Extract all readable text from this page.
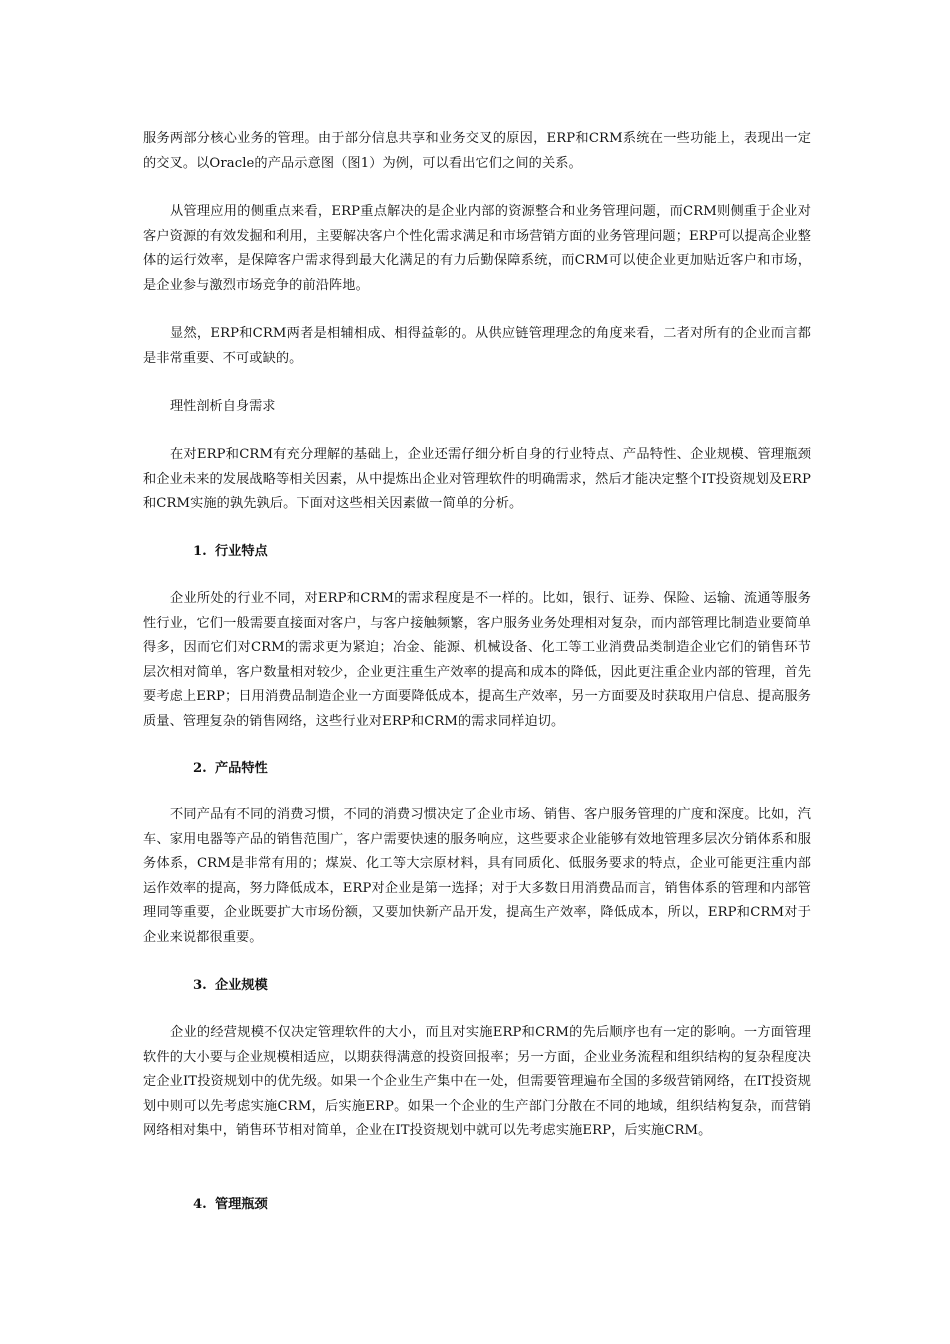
服务两部分核心业务的管理。由于部分信息共享和业务交叉的原因，ERP和CRM系统在一些功能上，表现出一定的交叉。以Oracle的产品示意图（图1）为例，可以看出它们之间的关系。

从管理应用的侧重点来看，ERP重点解决的是企业内部的资源整合和业务管理问题，而CRM则侧重于企业对客户资源的有效发掘和利用，主要解决客户个性化需求满足和市场营销方面的业务管理问题；ERP可以提高企业整体的运行效率，是保障客户需求得到最大化满足的有力后勤保障系统，而CRM可以使企业更加贴近客户和市场，是企业参与激烈市场竞争的前沿阵地。

显然，ERP和CRM两者是相辅相成、相得益彰的。从供应链管理理念的角度来看，二者对所有的企业而言都是非常重要、不可或缺的。

理性剖析自身需求

在对ERP和CRM有充分理解的基础上，企业还需仔细分析自身的行业特点、产品特性、企业规模、管理瓶颈和企业未来的发展战略等相关因素，从中提炼出企业对管理软件的明确需求，然后才能决定整个IT投资规划及ERP和CRM实施的孰先孰后。下面对这些相关因素做一简单的分析。

1. 行业特点

企业所处的行业不同，对ERP和CRM的需求程度是不一样的。比如，银行、证券、保险、运输、流通等服务性行业，它们一般需要直接面对客户，与客户接触频繁，客户服务业务处理相对复杂，而内部管理比制造业要简单得多，因而它们对CRM的需求更为紧迫；冶金、能源、机械设备、化工等工业消费品类制造企业它们的销售环节层次相对简单，客户数量相对较少，企业更注重生产效率的提高和成本的降低，因此更注重企业内部的管理，首先要考虑上ERP；日用消费品制造企业一方面要降低成本，提高生产效率，另一方面要及时获取用户信息、提高服务质量、管理复杂的销售网络，这些行业对ERP和CRM的需求同样迫切。

2. 产品特性

不同产品有不同的消费习惯，不同的消费习惯决定了企业市场、销售、客户服务管理的广度和深度。比如，汽车、家用电器等产品的销售范围广，客户需要快速的服务响应，这些要求企业能够有效地管理多层次分销体系和服务体系，CRM是非常有用的；煤炭、化工等大宗原材料，具有同质化、低服务要求的特点，企业可能更注重内部运作效率的提高，努力降低成本，ERP对企业是第一选择；对于大多数日用消费品而言，销售体系的管理和内部管理同等重要，企业既要扩大市场份额，又要加快新产品开发，提高生产效率，降低成本，所以，ERP和CRM对于企业来说都很重要。

3. 企业规模

企业的经营规模不仅决定管理软件的大小，而且对实施ERP和CRM的先后顺序也有一定的影响。一方面管理软件的大小要与企业规模相适应，以期获得满意的投资回报率；另一方面，企业业务流程和组织结构的复杂程度决定企业IT投资规划中的优先级。如果一个企业生产集中在一处，但需要管理遍布全国的多级营销网络，在IT投资规划中则可以先考虑实施CRM，后实施ERP。如果一个企业的生产部门分散在不同的地域，组织结构复杂，而营销网络相对集中，销售环节相对简单，企业在IT投资规划中就可以先考虑实施ERP，后实施CRM。

4. 管理瓶颈
